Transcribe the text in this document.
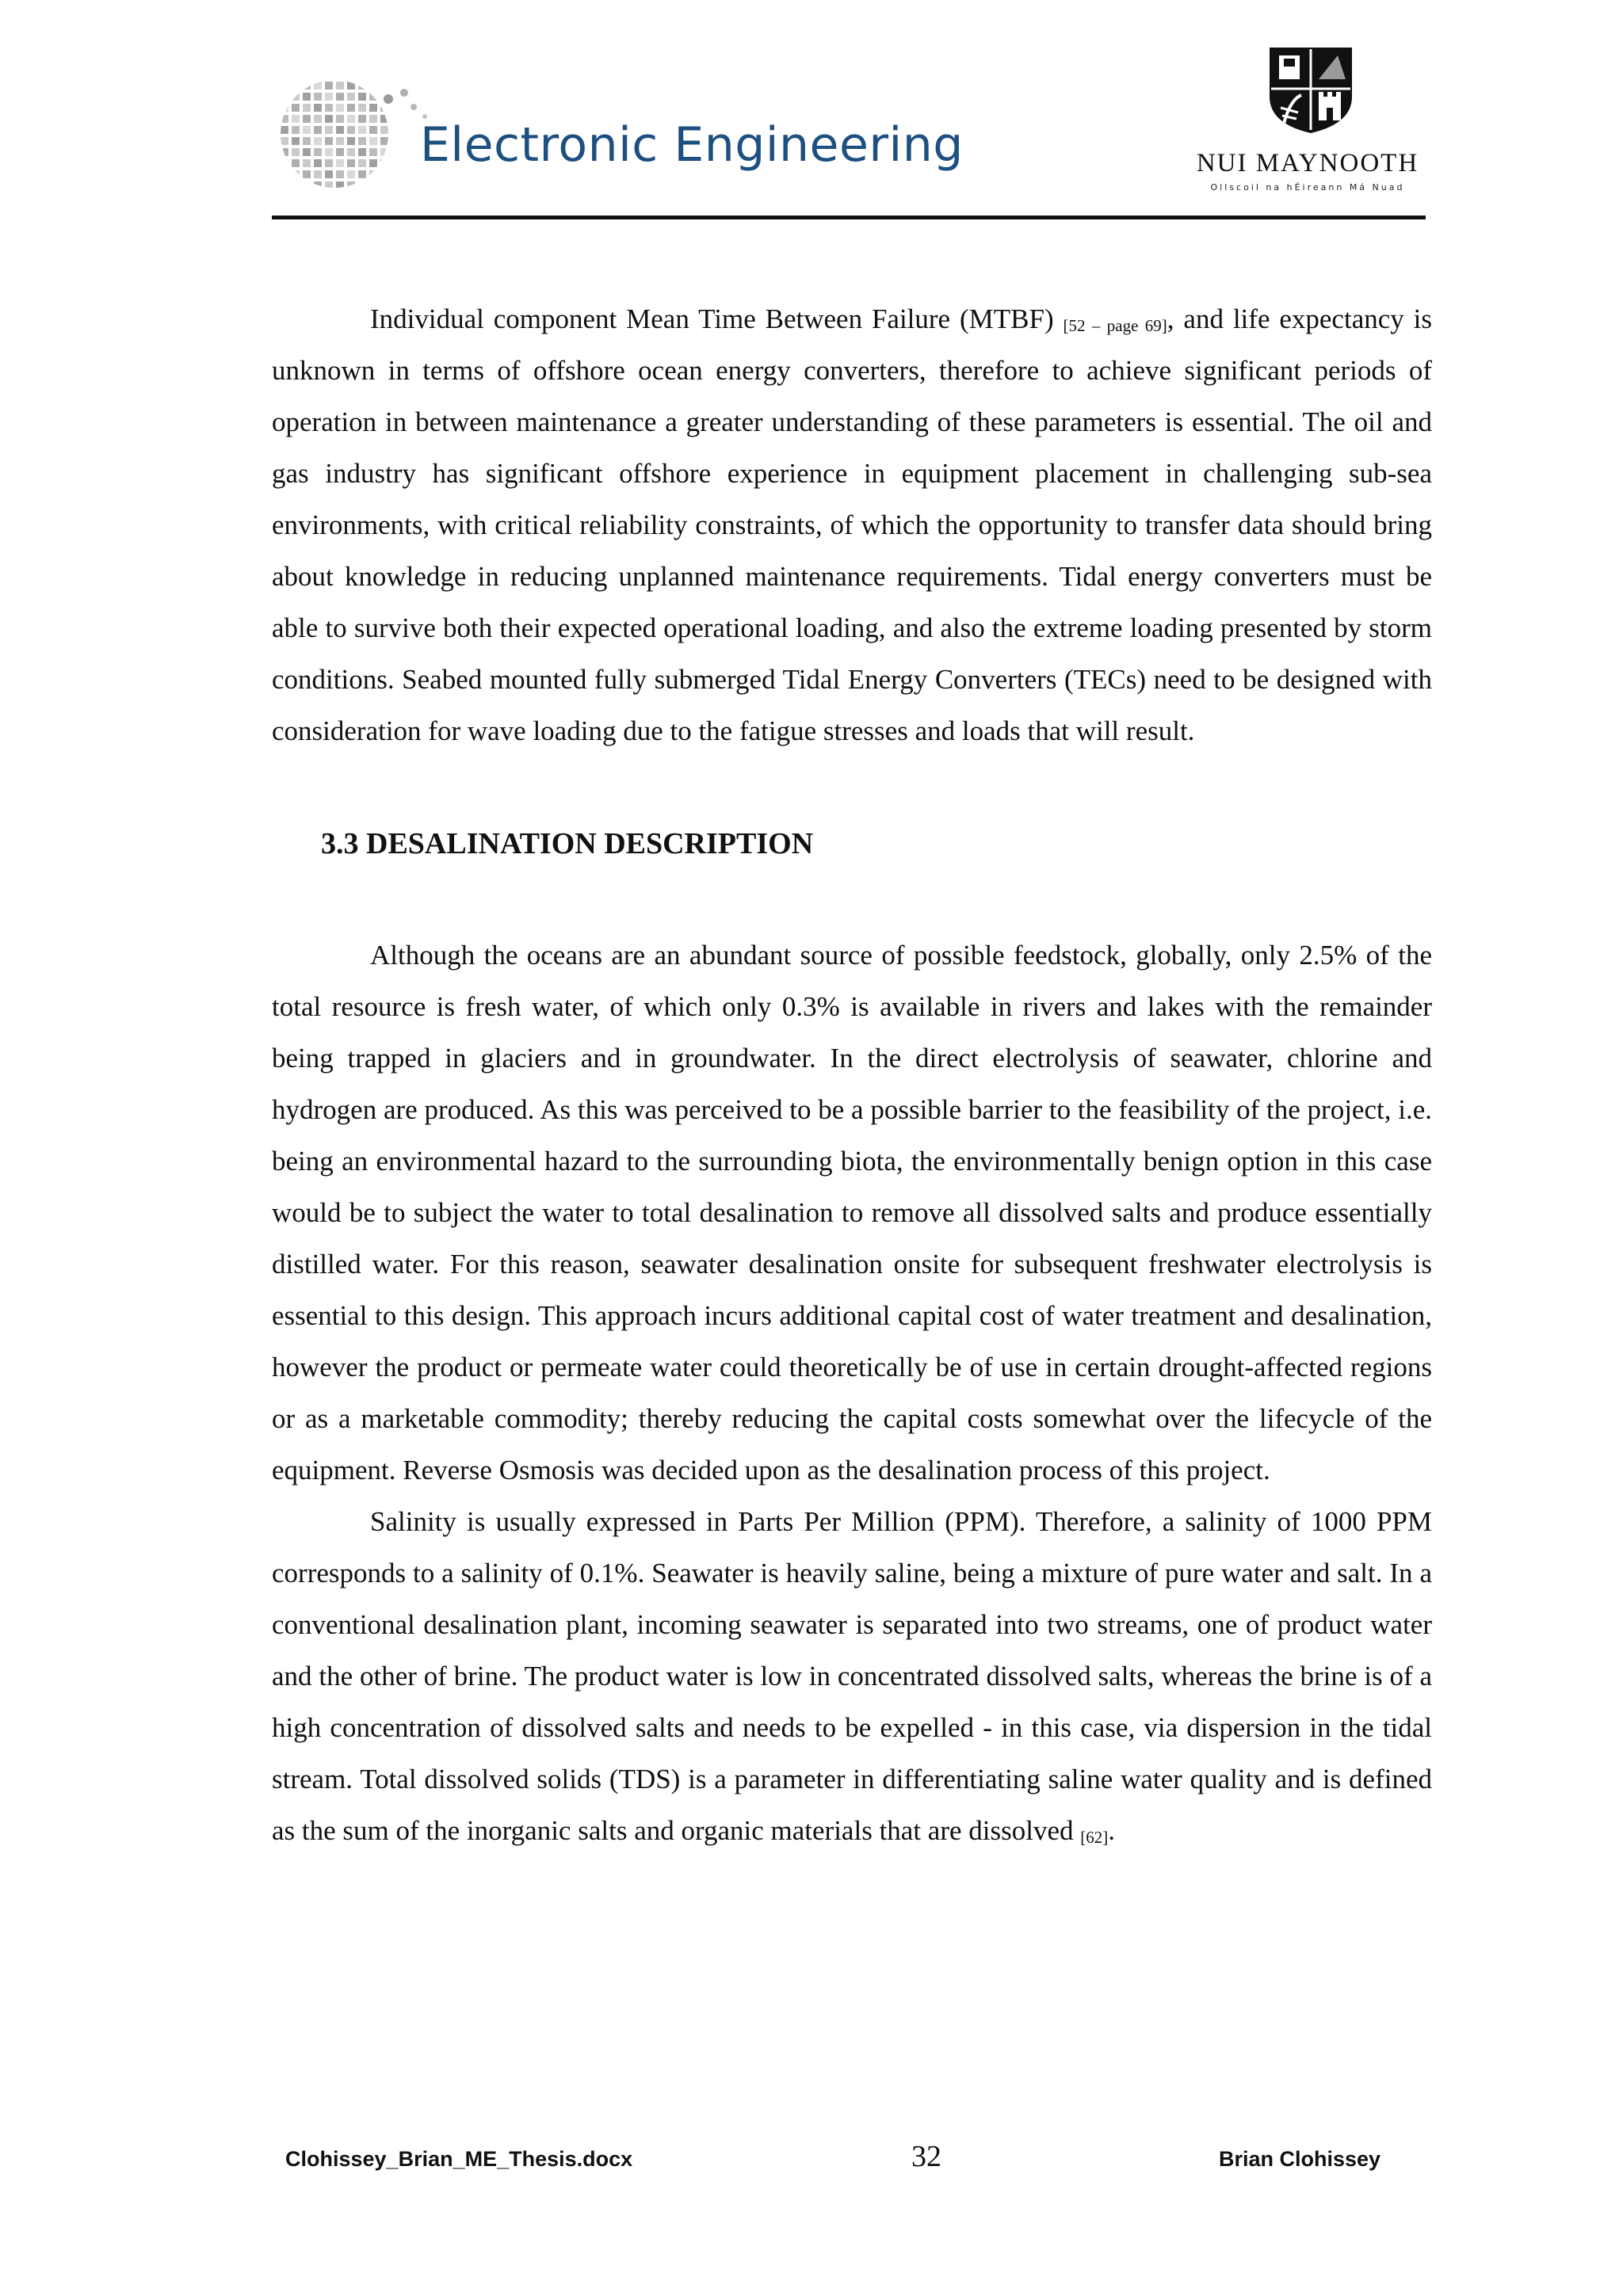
Electronic Engineering	NUI MAYNOOTH
Ollscoil na hÉireann Má Nuad

Individual component Mean Time Between Failure (MTBF) $_{[52 - page 69]}$, and life expectancy is unknown in terms of offshore ocean energy converters, therefore to achieve significant periods of operation in between maintenance a greater understanding of these parameters is essential. The oil and gas industry has significant offshore experience in equipment placement in challenging sub-sea environments, with critical reliability constraints, of which the opportunity to transfer data should bring about knowledge in reducing unplanned maintenance requirements. Tidal energy converters must be able to survive both their expected operational loading, and also the extreme loading presented by storm conditions. Seabed mounted fully submerged Tidal Energy Converters (TECs) need to be designed with consideration for wave loading due to the fatigue stresses and loads that will result.

3.3 DESALINATION DESCRIPTION

Although the oceans are an abundant source of possible feedstock, globally, only 2.5% of the total resource is fresh water, of which only 0.3% is available in rivers and lakes with the remainder being trapped in glaciers and in groundwater. In the direct electrolysis of seawater, chlorine and hydrogen are produced. As this was perceived to be a possible barrier to the feasibility of the project, i.e. being an environmental hazard to the surrounding biota, the environmentally benign option in this case would be to subject the water to total desalination to remove all dissolved salts and produce essentially distilled water. For this reason, seawater desalination onsite for subsequent freshwater electrolysis is essential to this design. This approach incurs additional capital cost of water treatment and desalination, however the product or permeate water could theoretically be of use in certain drought-affected regions or as a marketable commodity; thereby reducing the capital costs somewhat over the lifecycle of the equipment. Reverse Osmosis was decided upon as the desalination process of this project.

Salinity is usually expressed in Parts Per Million (PPM). Therefore, a salinity of 1000 PPM corresponds to a salinity of 0.1%. Seawater is heavily saline, being a mixture of pure water and salt. In a conventional desalination plant, incoming seawater is separated into two streams, one of product water and the other of brine. The product water is low in concentrated dissolved salts, whereas the brine is of a high concentration of dissolved salts and needs to be expelled - in this case, via dispersion in the tidal stream. Total dissolved solids (TDS) is a parameter in differentiating saline water quality and is defined as the sum of the inorganic salts and organic materials that are dissolved $_{[62]}$.

Clohissey_Brian_ME_Thesis.docx	32	Brian Clohissey
